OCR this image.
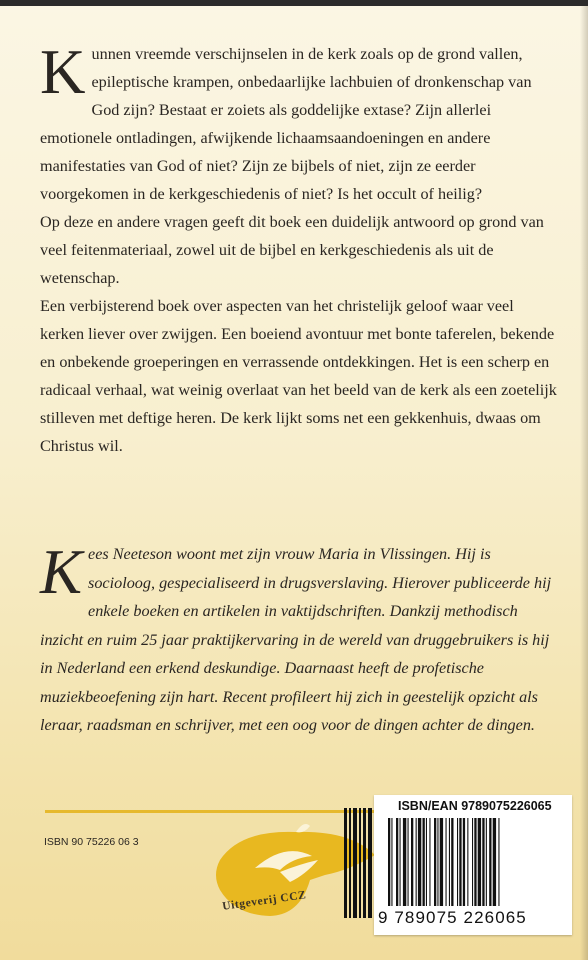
Kunnen vreemde verschijnselen in de kerk zoals op de grond vallen, epileptische krampen, onbedaarlijke lachbuien of dronkenschap van God zijn? Bestaat er zoiets als goddelijke extase? Zijn allerlei emotionele ontladingen, afwijkende lichaamsaandoeningen en andere manifestaties van God of niet? Zijn ze bijbels of niet, zijn ze eerder voorgekomen in de kerkgeschiedenis of niet? Is het occult of heilig?

Op deze en andere vragen geeft dit boek een duidelijk antwoord op grond van veel feitenmateriaal, zowel uit de bijbel en kerkgeschiedenis als uit de wetenschap.

Een verbijsterend boek over aspecten van het christelijk geloof waar veel kerken liever over zwijgen. Een boeiend avontuur met bonte taferelen, bekende en onbekende groeperingen en verrassende ontdekkingen. Het is een scherp en radicaal verhaal, wat weinig overlaat van het beeld van de kerk als een zoetelijk stilleven met deftige heren. De kerk lijkt soms net een gekkenhuis, dwaas om Christus wil.

Kees Neeteson woont met zijn vrouw Maria in Vlissingen. Hij is socioloog, gespecialiseerd in drugsverslaving. Hierover publiceerde hij enkele boeken en artikelen in vaktijdschriften. Dankzij methodisch inzicht en ruim 25 jaar praktijkervaring in de wereld van druggebruikers is hij in Nederland een erkend deskundige. Daarnaast heeft de profetische muziekbeoefening zijn hart. Recent profileert hij zich in geestelijk opzicht als leraar, raadsman en schrijver, met een oog voor de dingen achter de dingen.

ISBN 90 75226 06 3
Uitgeverij CCZ
ISBN/EAN 9789075226065
9 789075 226065
